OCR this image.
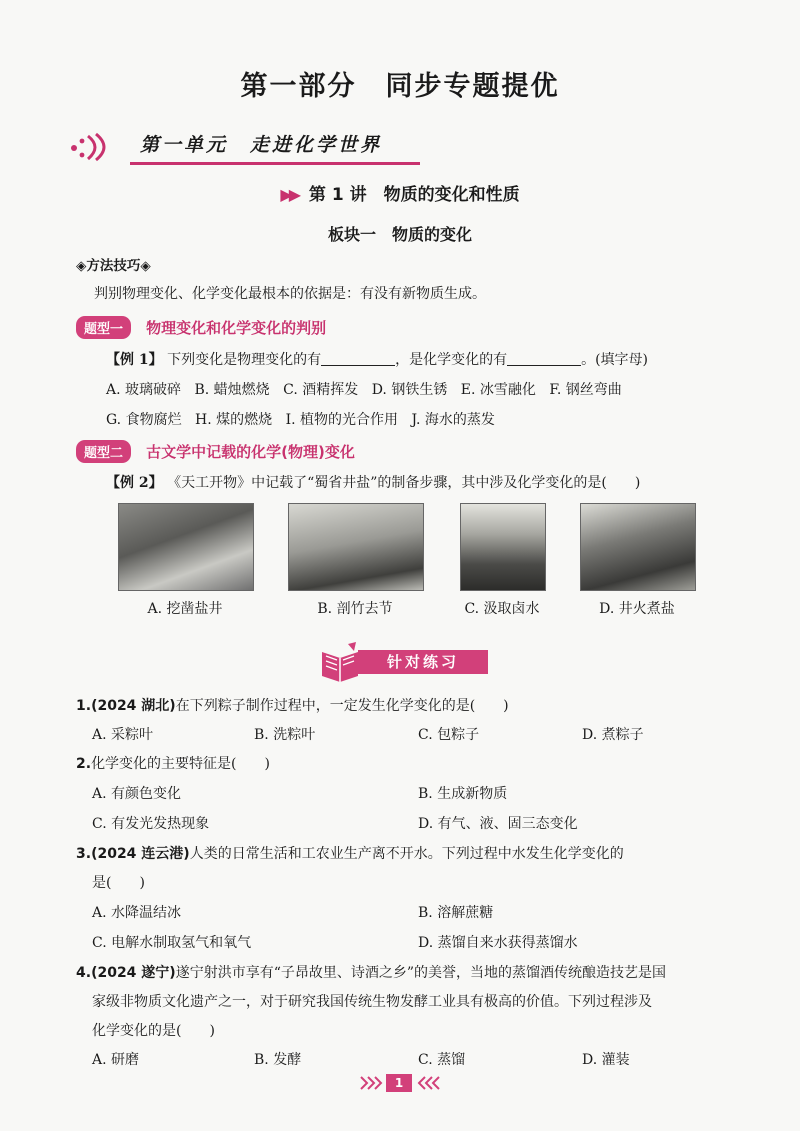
第一部分　同步专题提优
第一单元　走进化学世界
▶▶ 第 1 讲　物质的变化和性质
板块一　物质的变化
◈方法技巧◈
判别物理变化、化学变化最根本的依据是：有没有新物质生成。
题型一 物理变化和化学变化的判别
【例 1】 下列变化是物理变化的有	，是化学变化的有	。(填字母)
A. 玻璃破碎 B. 蜡烛燃烧 C. 酒精挥发 D. 钢铁生锈 E. 冰雪融化 F. 钢丝弯曲
G. 食物腐烂 H. 煤的燃烧 I. 植物的光合作用 J. 海水的蒸发
题型二 古文学中记载的化学(物理)变化
【例 2】 《天工开物》中记载了“蜀省井盐”的制备步骤，其中涉及化学变化的是(　　)
A. 挖凿盐井	B. 剖竹去节	C. 汲取卤水	D. 井火煮盐
针对练习
1.(2024 湖北)在下列粽子制作过程中，一定发生化学变化的是(　　)
A. 采粽叶	B. 洗粽叶	C. 包粽子	D. 煮粽子
2.化学变化的主要特征是(　　)
A. 有颜色变化	B. 生成新物质
C. 有发光发热现象	D. 有气、液、固三态变化
3.(2024 连云港)人类的日常生活和工农业生产离不开水。下列过程中水发生化学变化的
是(　　)
A. 水降温结冰	B. 溶解蔗糖
C. 电解水制取氢气和氧气	D. 蒸馏自来水获得蒸馏水
4.(2024 遂宁)遂宁射洪市享有“子昂故里、诗酒之乡”的美誉，当地的蒸馏酒传统酿造技艺是国
家级非物质文化遗产之一，对于研究我国传统生物发酵工业具有极高的价值。下列过程涉及
化学变化的是(　　)
A. 研磨	B. 发酵	C. 蒸馏	D. 灌装
1
